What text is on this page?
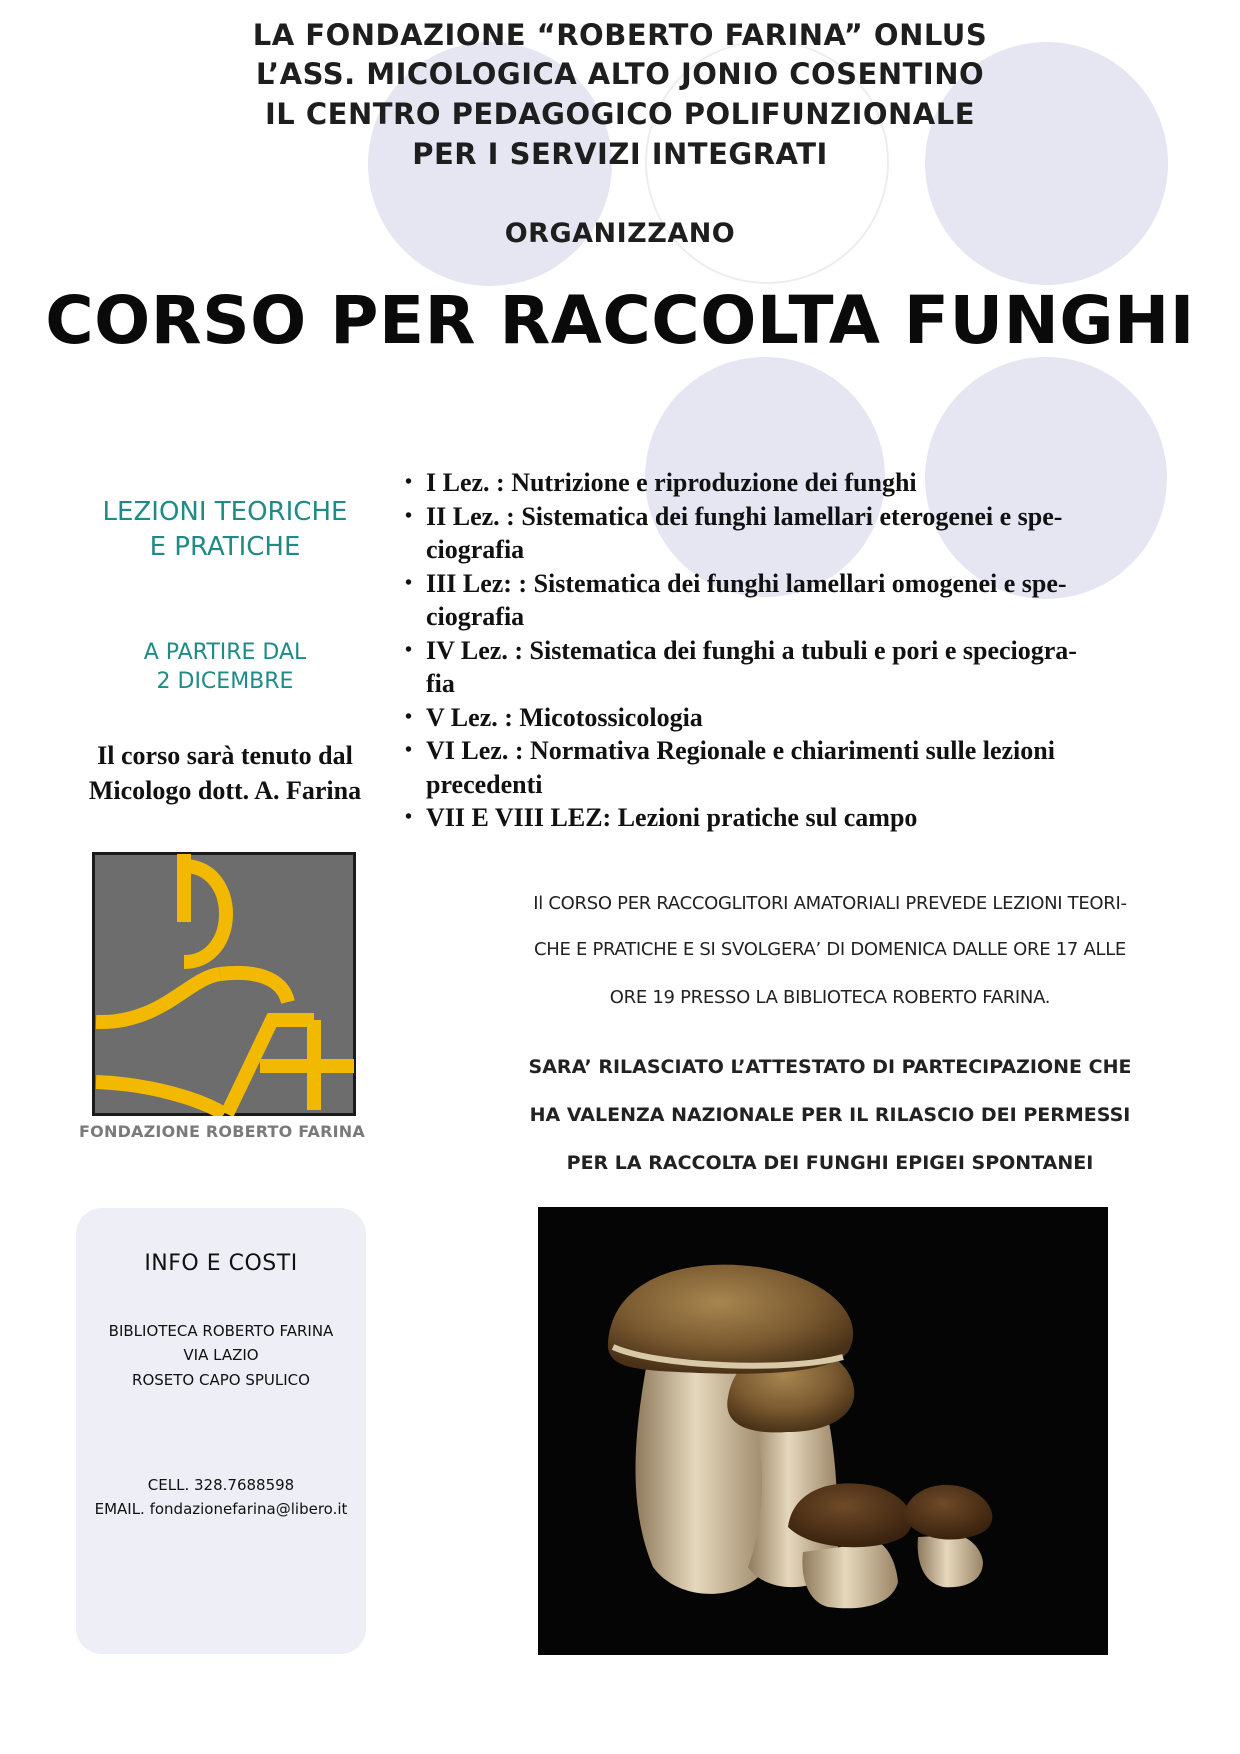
LA FONDAZIONE “ROBERTO FARINA” ONLUS
L’ASS. MICOLOGICA ALTO JONIO COSENTINO
IL CENTRO PEDAGOGICO POLIFUNZIONALE
PER I SERVIZI INTEGRATI
ORGANIZZANO
CORSO PER RACCOLTA FUNGHI
LEZIONI TEORICHE
E PRATICHE
A PARTIRE DAL
2 DICEMBRE
Il corso sarà tenuto dal
Micologo dott. A. Farina
• I Lez. : Nutrizione e riproduzione dei funghi
• II Lez. : Sistematica dei funghi lamellari eterogenei e spe-
ciografia
• III Lez: : Sistematica dei funghi lamellari omogenei e spe-
ciografia
• IV Lez. : Sistematica dei funghi a tubuli e pori e speciogra-
fia
• V Lez. : Micotossicologia
• VI Lez. : Normativa Regionale e chiarimenti sulle lezioni
precedenti
• VII E VIII LEZ: Lezioni pratiche sul campo
FONDAZIONE ROBERTO FARINA
Il CORSO PER RACCOGLITORI AMATORIALI PREVEDE LEZIONI TEORI-
CHE E PRATICHE E SI SVOLGERA’ DI DOMENICA DALLE ORE 17 ALLE
ORE 19 PRESSO LA BIBLIOTECA ROBERTO FARINA.
SARA’ RILASCIATO L’ATTESTATO DI PARTECIPAZIONE CHE
HA VALENZA NAZIONALE PER IL RILASCIO DEI PERMESSI
PER LA RACCOLTA DEI FUNGHI EPIGEI SPONTANEI
INFO E COSTI
BIBLIOTECA ROBERTO FARINA
VIA LAZIO
ROSETO CAPO SPULICO
CELL. 328.7688598
EMAIL. fondazionefarina@libero.it
